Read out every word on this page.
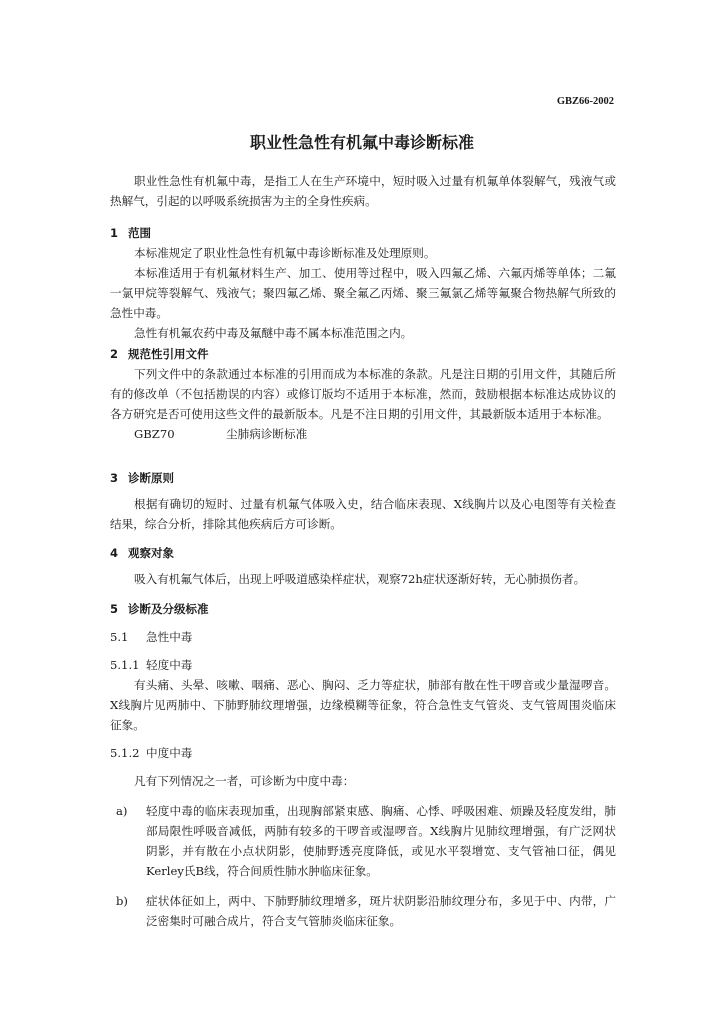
GBZ66-2002
职业性急性有机氟中毒诊断标准

职业性急性有机氟中毒，是指工人在生产环境中，短时吸入过量有机氟单体裂解气，残液气或热解气，引起的以呼吸系统损害为主的全身性疾病。

1 范围

本标准规定了职业性急性有机氟中毒诊断标准及处理原则。

本标准适用于有机氟材料生产、加工、使用等过程中，吸入四氟乙烯、六氟丙烯等单体；二氟一氯甲烷等裂解气、残液气；聚四氟乙烯、聚全氟乙丙烯、聚三氟氯乙烯等氟聚合物热解气所致的急性中毒。

急性有机氟农药中毒及氟醚中毒不属本标准范围之内。

2 规范性引用文件

下列文件中的条款通过本标准的引用而成为本标准的条款。凡是注日期的引用文件，其随后所有的修改单（不包括勘误的内容）或修订版均不适用于本标准，然而，鼓励根据本标准达成协议的各方研究是否可使用这些文件的最新版本。凡是不注日期的引用文件，其最新版本适用于本标准。

GBZ70	尘肺病诊断标准

3 诊断原则

根据有确切的短时、过量有机氟气体吸入史，结合临床表现、X线胸片以及心电图等有关检查结果，综合分析，排除其他疾病后方可诊断。

4 观察对象

吸入有机氟气体后，出现上呼吸道感染样症状，观察72h症状逐渐好转，无心肺损伤者。

5 诊断及分级标准

5.1 急性中毒

5.1.1 轻度中毒

有头痛、头晕、咳嗽、咽痛、恶心、胸闷、乏力等症状，肺部有散在性干啰音或少量湿啰音。X线胸片见两肺中、下肺野肺纹理增强，边缘模糊等征象，符合急性支气管炎、支气管周围炎临床征象。

5.1.2 中度中毒

凡有下列情况之一者，可诊断为中度中毒：

a)	轻度中毒的临床表现加重，出现胸部紧束感、胸痛、心悸、呼吸困难、烦躁及轻度发绀，肺部局限性呼吸音减低，两肺有较多的干啰音或湿啰音。X线胸片见肺纹理增强，有广泛网状阴影，并有散在小点状阴影，使肺野透亮度降低，或见水平裂增宽、支气管袖口征，偶见Kerley氏B线，符合间质性肺水肿临床征象。
b)	症状体征如上，两中、下肺野肺纹理增多，斑片状阴影沿肺纹理分布，多见于中、内带，广泛密集时可融合成片，符合支气管肺炎临床征象。
